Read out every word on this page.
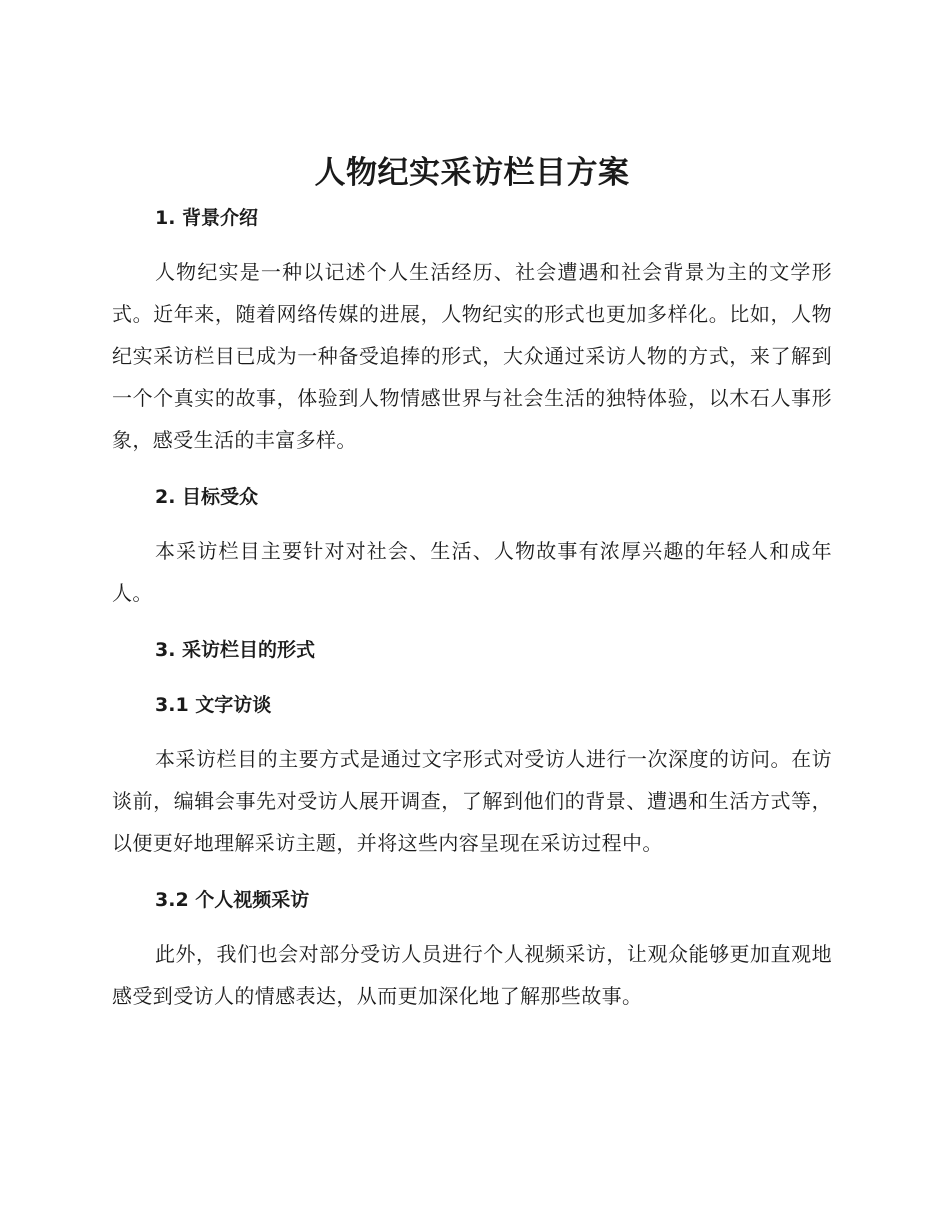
人物纪实采访栏目方案
1. 背景介绍

人物纪实是一种以记述个人生活经历、社会遭遇和社会背景为主的文学形式。近年来，随着网络传媒的进展，人物纪实的形式也更加多样化。比如，人物纪实采访栏目已成为一种备受追捧的形式，大众通过采访人物的方式，来了解到一个个真实的故事，体验到人物情感世界与社会生活的独特体验，以木石人事形象，感受生活的丰富多样。

2. 目标受众

本采访栏目主要针对对社会、生活、人物故事有浓厚兴趣的年轻人和成年人。

3. 采访栏目的形式
3.1 文字访谈

本采访栏目的主要方式是通过文字形式对受访人进行一次深度的访问。在访谈前，编辑会事先对受访人展开调查，了解到他们的背景、遭遇和生活方式等，以便更好地理解采访主题，并将这些内容呈现在采访过程中。

3.2 个人视频采访

此外，我们也会对部分受访人员进行个人视频采访，让观众能够更加直观地感受到受访人的情感表达，从而更加深化地了解那些故事。
